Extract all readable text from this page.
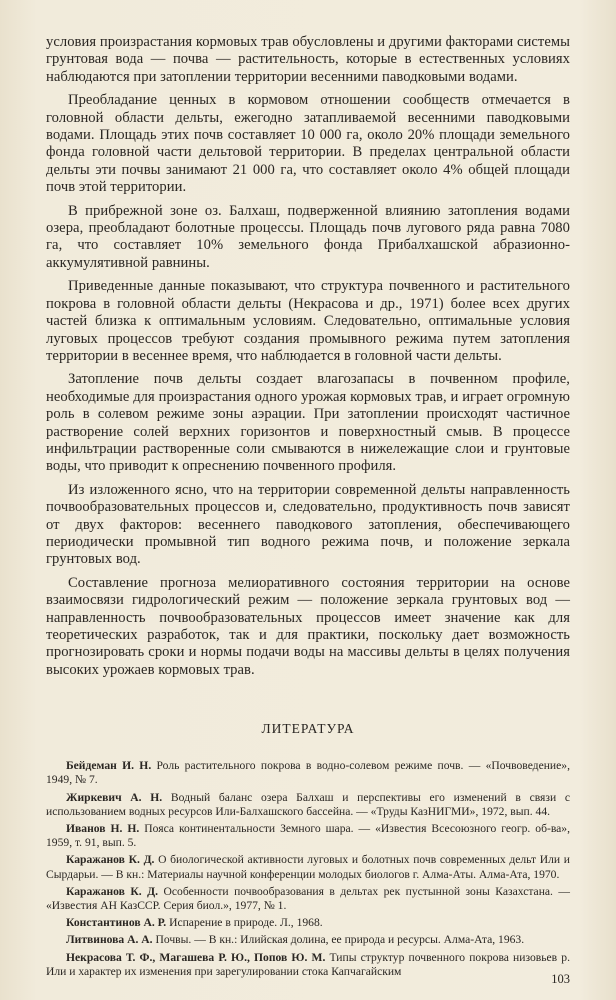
условия произрастания кормовых трав обусловлены и другими факторами системы грунтовая вода — почва — растительность, которые в естественных условиях наблюдаются при затоплении территории весенними паводковыми водами.

Преобладание ценных в кормовом отношении сообществ отмечается в головной области дельты, ежегодно затапливаемой весенними паводковыми водами. Площадь этих почв составляет 10 000 га, около 20% площади земельного фонда головной части дельтовой территории. В пределах центральной области дельты эти почвы занимают 21 000 га, что составляет около 4% общей площади почв этой территории.

В прибрежной зоне оз. Балхаш, подверженной влиянию затопления водами озера, преобладают болотные процессы. Площадь почв лугового ряда равна 7080 га, что составляет 10% земельного фонда Прибалхашской абразионно-аккумулятивной равнины.

Приведенные данные показывают, что структура почвенного и растительного покрова в головной области дельты (Некрасова и др., 1971) более всех других частей близка к оптимальным условиям. Следовательно, оптимальные условия луговых процессов требуют создания промывного режима путем затопления территории в весеннее время, что наблюдается в головной части дельты.

Затопление почв дельты создает влагозапасы в почвенном профиле, необходимые для произрастания одного урожая кормовых трав, и играет огромную роль в солевом режиме зоны аэрации. При затоплении происходят частичное растворение солей верхних горизонтов и поверхностный смыв. В процессе инфильтрации растворенные соли смываются в нижележащие слои и грунтовые воды, что приводит к опреснению почвенного профиля.

Из изложенного ясно, что на территории современной дельты направленность почвообразовательных процессов и, следовательно, продуктивность почв зависят от двух факторов: весеннего паводкового затопления, обеспечивающего периодически промывной тип водного режима почв, и положение зеркала грунтовых вод.

Составление прогноза мелиоративного состояния территории на основе взаимосвязи гидрологический режим — положение зеркала грунтовых вод — направленность почвообразовательных процессов имеет значение как для теоретических разработок, так и для практики, поскольку дает возможность прогнозировать сроки и нормы подачи воды на массивы дельты в целях получения высоких урожаев кормовых трав.

ЛИТЕРАТУРА

Бейдеман И. Н. Роль растительного покрова в водно-солевом режиме почв. — «Почвоведение», 1949, № 7.

Жиркевич А. Н. Водный баланс озера Балхаш и перспективы его изменений в связи с использованием водных ресурсов Или-Балхашского бассейна. — «Труды КазНИГМИ», 1972, вып. 44.

Иванов Н. Н. Пояса континентальности Земного шара. — «Известия Всесоюзного геогр. об-ва», 1959, т. 91, вып. 5.

Каражанов К. Д. О биологической активности луговых и болотных почв современных дельт Или и Сырдарьи. — В кн.: Материалы научной конференции молодых биологов г. Алма-Аты. Алма-Ата, 1970.

Каражанов К. Д. Особенности почвообразования в дельтах рек пустынной зоны Казахстана. — «Известия АН КазССР. Серия биол.», 1977, № 1.

Константинов А. Р. Испарение в природе. Л., 1968.

Литвинова А. А. Почвы. — В кн.: Илийская долина, ее природа и ресурсы. Алма-Ата, 1963.

Некрасова Т. Ф., Магашева Р. Ю., Попов Ю. М. Типы структур почвенного покрова низовьев р. Или и характер их изменения при зарегулировании стока Капчагайским

103
